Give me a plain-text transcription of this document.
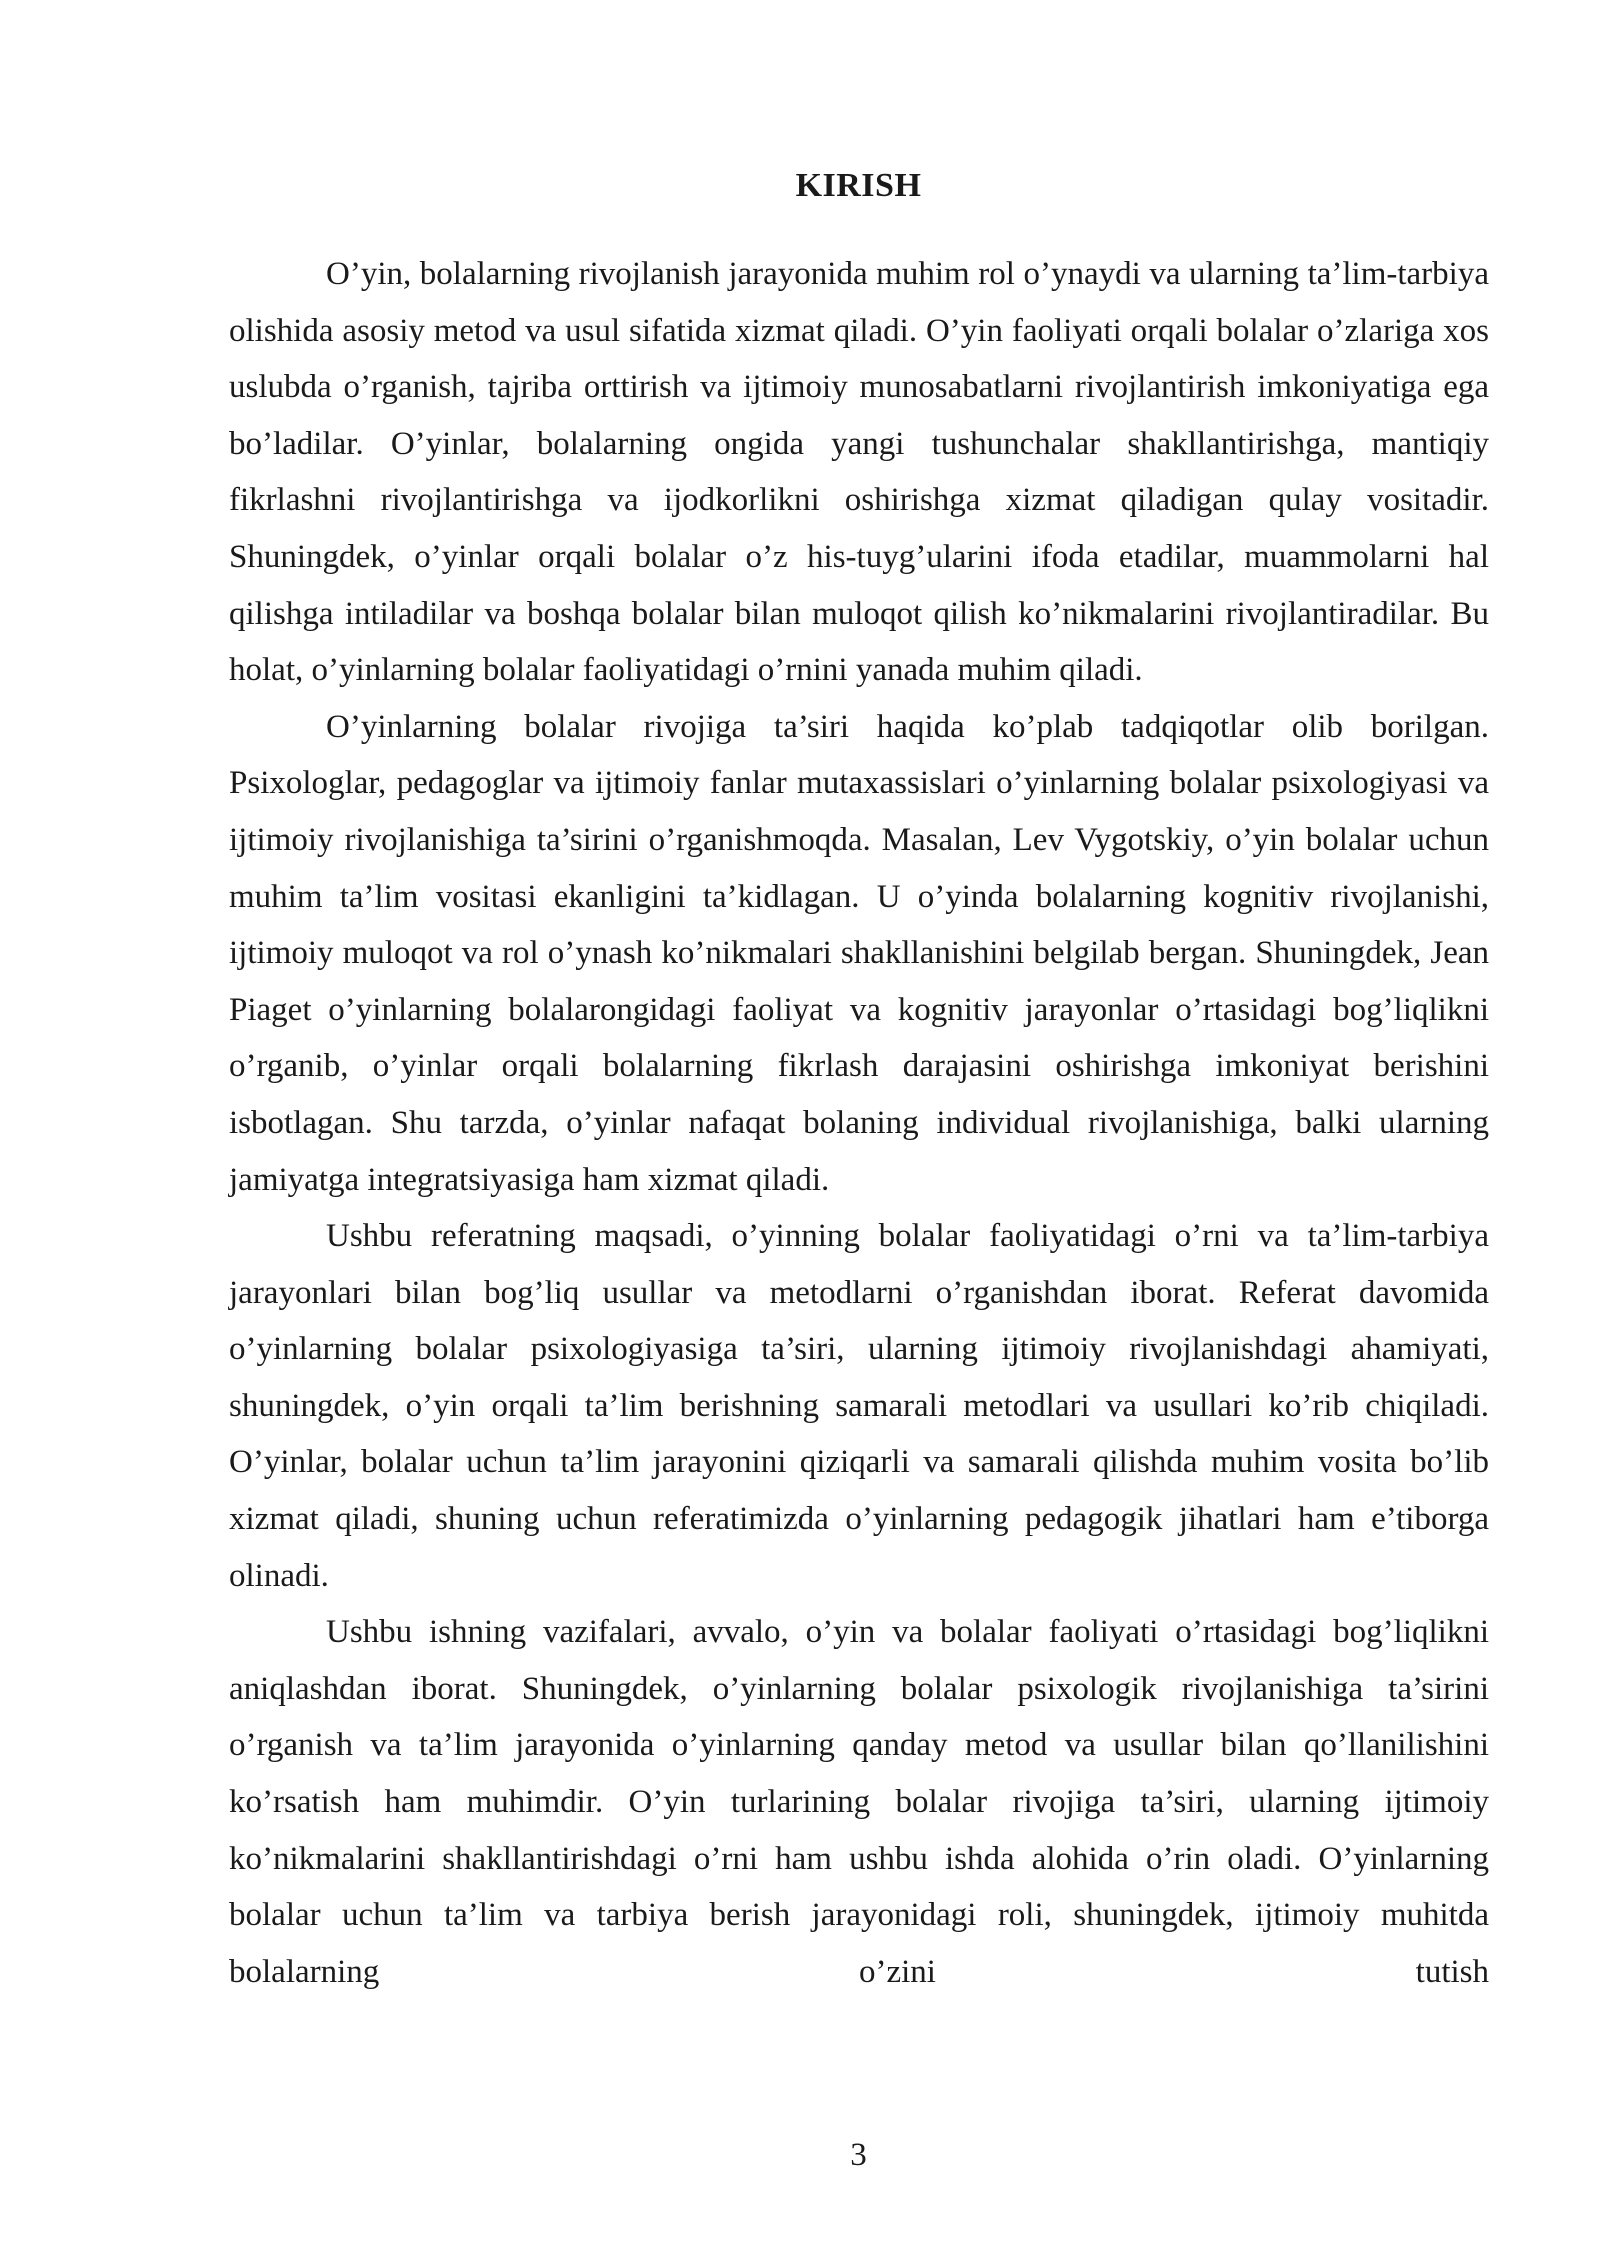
KIRISH

O’yin, bolalarning rivojlanish jarayonida muhim rol o’ynaydi va ularning ta’lim-tarbiya olishida asosiy metod va usul sifatida xizmat qiladi. O’yin faoliyati orqali bolalar o’zlariga xos uslubda o’rganish, tajriba orttirish va ijtimoiy munosabatlarni rivojlantirish imkoniyatiga ega bo’ladilar. O’yinlar, bolalarning ongida yangi tushunchalar shakllantirishga, mantiqiy fikrlashni rivojlantirishga va ijodkorlikni oshirishga xizmat qiladigan qulay vositadir. Shuningdek, o’yinlar orqali bolalar o’z his-tuyg’ularini ifoda etadilar, muammolarni hal qilishga intiladilar va boshqa bolalar bilan muloqot qilish ko’nikmalarini rivojlantiradilar. Bu holat, o’yinlarning bolalar faoliyatidagi o’rnini yanada muhim qiladi.

O’yinlarning bolalar rivojiga ta’siri haqida ko’plab tadqiqotlar olib borilgan. Psixologlar, pedagoglar va ijtimoiy fanlar mutaxassislari o’yinlarning bolalar psixologiyasi va ijtimoiy rivojlanishiga ta’sirini o’rganishmoqda. Masalan, Lev Vygotskiy, o’yin bolalar uchun muhim ta’lim vositasi ekanligini ta’kidlagan. U o’yinda bolalarning kognitiv rivojlanishi, ijtimoiy muloqot va rol o’ynash ko’nikmalari shakllanishini belgilab bergan. Shuningdek, Jean Piaget o’yinlarning bolalarongidagi faoliyat va kognitiv jarayonlar o’rtasidagi bog’liqlikni o’rganib, o’yinlar orqali bolalarning fikrlash darajasini oshirishga imkoniyat berishini isbotlagan. Shu tarzda, o’yinlar nafaqat bolaning individual rivojlanishiga, balki ularning jamiyatga integratsiyasiga ham xizmat qiladi.

Ushbu referatning maqsadi, o’yinning bolalar faoliyatidagi o’rni va ta’lim-tarbiya jarayonlari bilan bog’liq usullar va metodlarni o’rganishdan iborat. Referat davomida o’yinlarning bolalar psixologiyasiga ta’siri, ularning ijtimoiy rivojlanishdagi ahamiyati, shuningdek, o’yin orqali ta’lim berishning samarali metodlari va usullari ko’rib chiqiladi. O’yinlar, bolalar uchun ta’lim jarayonini qiziqarli va samarali qilishda muhim vosita bo’lib xizmat qiladi, shuning uchun referatimizda o’yinlarning pedagogik jihatlari ham e’tiborga olinadi.

Ushbu ishning vazifalari, avvalo, o’yin va bolalar faoliyati o’rtasidagi bog’liqlikni aniqlashdan iborat. Shuningdek, o’yinlarning bolalar psixologik rivojlanishiga ta’sirini o’rganish va ta’lim jarayonida o’yinlarning qanday metod va usullar bilan qo’llanilishini ko’rsatish ham muhimdir. O’yin turlarining bolalar rivojiga ta’siri, ularning ijtimoiy ko’nikmalarini shakllantirishdagi o’rni ham ushbu ishda alohida o’rin oladi. O’yinlarning bolalar uchun ta’lim va tarbiya berish jarayonidagi roli, shuningdek, ijtimoiy muhitda bolalarning o’zini tutish

3
